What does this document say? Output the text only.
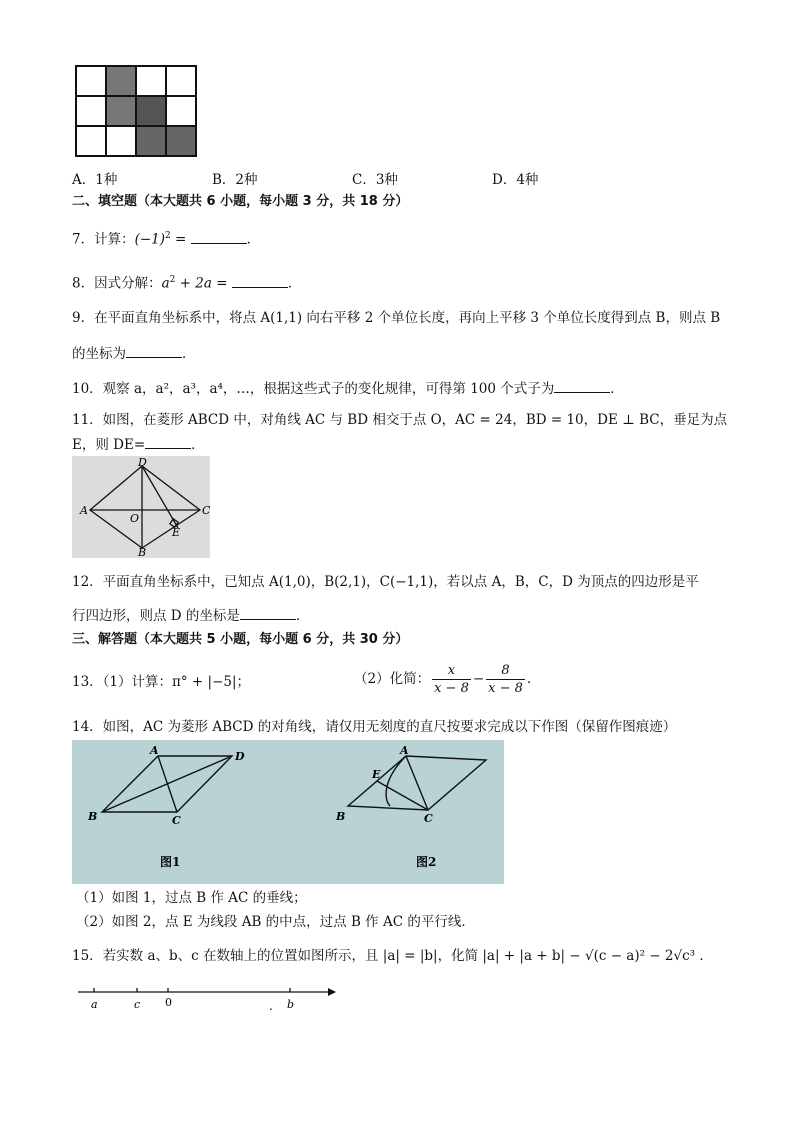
A．1种	B．2种	C．3种	D．4种
二、填空题（本大题共 6 小题，每小题 3 分，共 18 分）
7．计算：$(-1)^2$ =	．
8．因式分解：$a^2 + 2a$ =	．
9．在平面直角坐标系中，将点 A(1,1) 向右平移 2 个单位长度，再向上平移 3 个单位长度得到点 B，则点 B
的坐标为	．
10．观察 a，a²，a³，a⁴，…，根据这些式子的变化规律，可得第 100 个式子为	．
11．如图，在菱形 ABCD 中，对角线 AC 与 BD 相交于点 O，AC = 24，BD = 10，DE ⊥ BC，垂足为点
E，则 DE=	．
A
D
C
B
O
E
12．平面直角坐标系中，已知点 A(1,0)，B(2,1)，C(−1,1)，若以点 A，B，C，D 为顶点的四边形是平
行四边形，则点 D 的坐标是	．
三、解答题（本大题共 5 小题，每小题 6 分，共 30 分）
13．（1）计算：π° + |−5|；	（2）化简： $\frac{x}{x - 8} - \frac{8}{x - 8}$ ．
14．如图，AC 为菱形 ABCD 的对角线，请仅用无刻度的直尺按要求完成以下作图（保留作图痕迹）
A	D
B	C
图1
A
E
B	C
图2
（1）如图 1，过点 B 作 AC 的垂线；
（2）如图 2，点 E 为线段 AB 的中点，过点 B 作 AC 的平行线．
15．若实数 a、b、c 在数轴上的位置如图所示，且 |a| = |b|，化简 |a| + |a + b| − √(c − a)² − 2√c³ ．
a	c 0	. b
